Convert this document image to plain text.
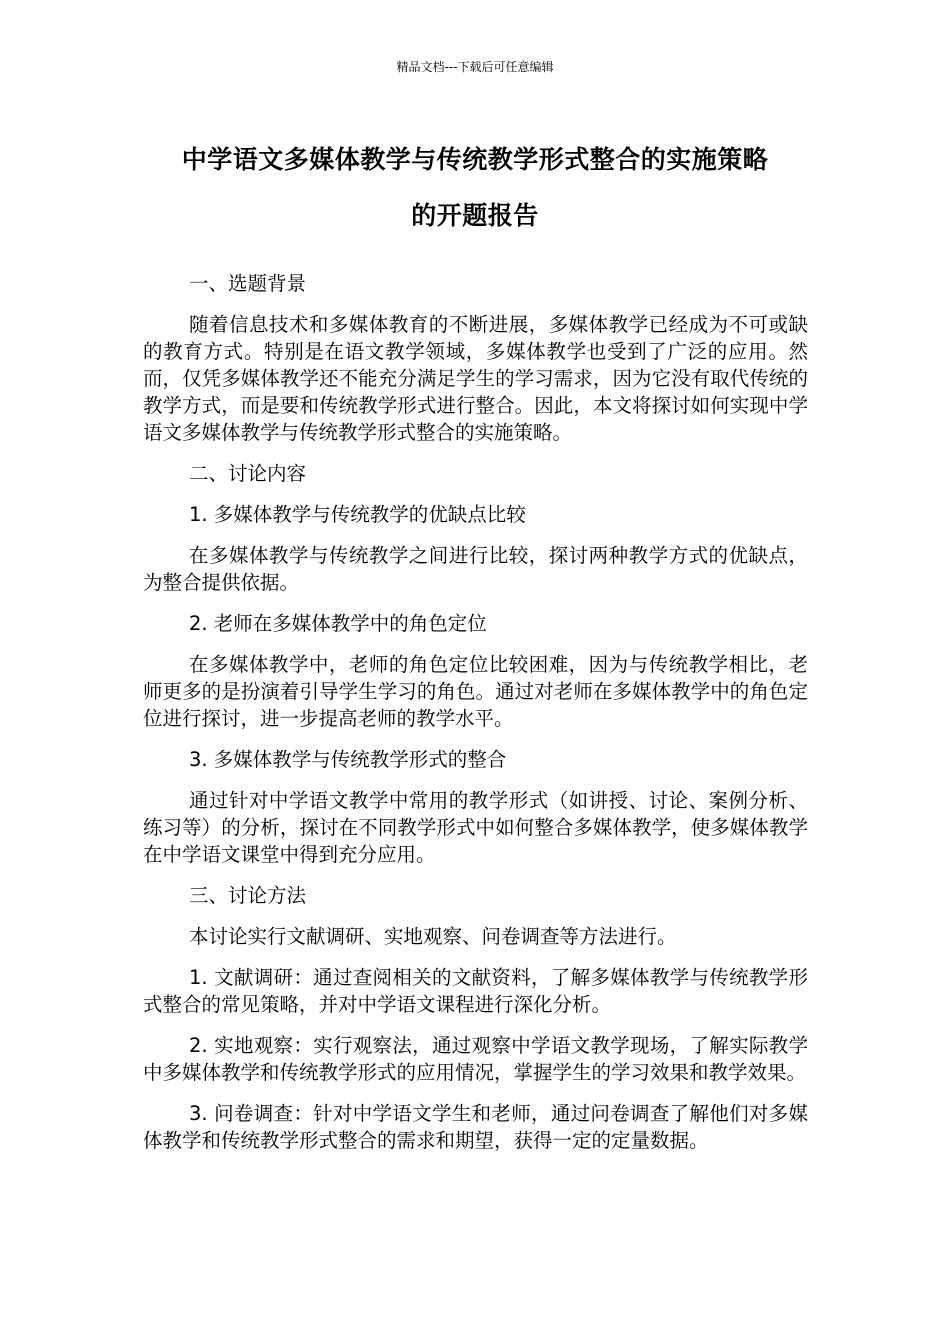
精品文档---下载后可任意编辑
中学语文多媒体教学与传统教学形式整合的实施策略
的开题报告

一、选题背景

随着信息技术和多媒体教育的不断进展，多媒体教学已经成为不可或缺的教育方式。特别是在语文教学领域，多媒体教学也受到了广泛的应用。然而，仅凭多媒体教学还不能充分满足学生的学习需求，因为它没有取代传统的教学方式，而是要和传统教学形式进行整合。因此，本文将探讨如何实现中学语文多媒体教学与传统教学形式整合的实施策略。

二、讨论内容

1. 多媒体教学与传统教学的优缺点比较

在多媒体教学与传统教学之间进行比较，探讨两种教学方式的优缺点，为整合提供依据。

2. 老师在多媒体教学中的角色定位

在多媒体教学中，老师的角色定位比较困难，因为与传统教学相比，老师更多的是扮演着引导学生学习的角色。通过对老师在多媒体教学中的角色定位进行探讨，进一步提高老师的教学水平。

3. 多媒体教学与传统教学形式的整合

通过针对中学语文教学中常用的教学形式（如讲授、讨论、案例分析、练习等）的分析，探讨在不同教学形式中如何整合多媒体教学，使多媒体教学在中学语文课堂中得到充分应用。

三、讨论方法

本讨论实行文献调研、实地观察、问卷调查等方法进行。

1. 文献调研：通过查阅相关的文献资料，了解多媒体教学与传统教学形式整合的常见策略，并对中学语文课程进行深化分析。

2. 实地观察：实行观察法，通过观察中学语文教学现场，了解实际教学中多媒体教学和传统教学形式的应用情况，掌握学生的学习效果和教学效果。

3. 问卷调查：针对中学语文学生和老师，通过问卷调查了解他们对多媒体教学和传统教学形式整合的需求和期望，获得一定的定量数据。
